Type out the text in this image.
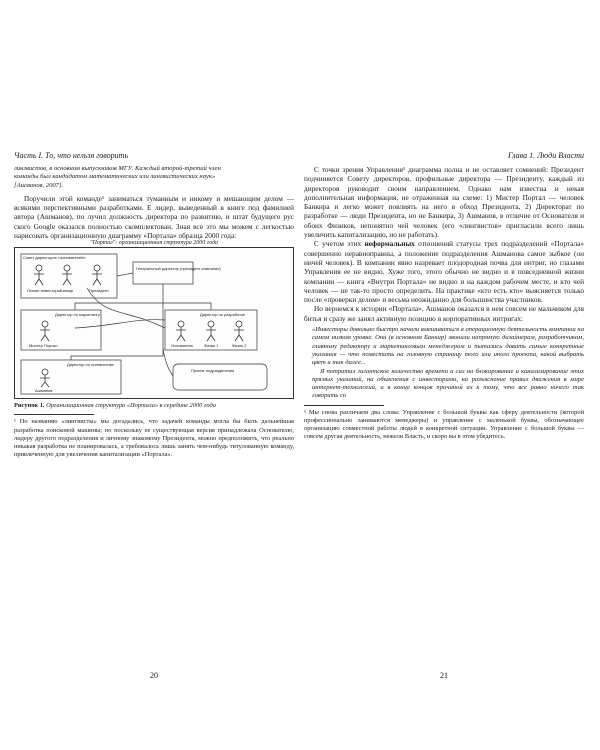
Часть I. То, что нельзя говорить
лингвистов, в основном выпускников МГУ. Каждый второй-третий член
команды был кандидатом математических или лингвистических наук»
[Ашманов, 2007].

Поручили этой команде¹ заниматься туманным и никому и мешающим делом — всякими перспективными разработками. Е лидер, выведенный в книге под фамилией автора (Ашманов), по лучил должность директора по развитию, и штат будущего рус ского Google оказался полностью скомплектован. Зная все это мы можем с легкостью нарисовать организационную диаграмму «Портала» образца 2000 года:

"Портал": организационная структура 2000 года
Совет директоров «основателей»
Легкие инвесторы Банкир	Президент
Генеральный директор (президент компании)
Директор по маркетингу
Мистер Портал
Директор по разработке
Основатель	Физик 1	Физик 2
Директор по лингвистике
Ашманов
Прочие подразделения
Рисунок 1. Организационная структура «Портала» в середине 2000 года
¹ По названию «лингвисты» мы догадались, что задачей команды могла бы быть дальнейшая разработка поисковой машины; но поскольку ее существующая версия принадлежала Основателю, лидеру другого подразделения и личному знакомому Президента, можно предположить, что реально никакая разработка не планировалась, а требовалось лишь занять чем-нибудь титулованную команду, привлеченную для увеличения капитализации «Портала».
20
Глава 1. Люди Власти

С точки зрения Управления¹ диаграмма полна и не оставляет сомнений: Президент подчиняется Совету директоров, профильные директора — Президенту, каждый из директоров руководит своим направлением. Однако нам известна и некая дополнительная информация, не отраженная на схеме: 1) Мистер Портал — человек Банкира и легко может повлиять на него в обход Президента, 2) Директорат по разработке — люди Президента, но не Банкира, 3) Ашманов, в отличие от Основателя и обоих Физиков, непонятно чей человек (его «лингвистов» пригласили всего лишь увеличить капитализацию, но не работать).

С учетом этих неформальных отношений статусы трех подразделений «Портала» совершенно неравноправны, а положение подразделения Ашманова самое зыбкое (он ничей человек). В компании явно назревает плодородная почва для интриг, но глазами Управления ее не видно. Хуже того, этого обычно не видно и в повседневной жизни компании — книга «Внутри Портала» не видно и на каждом рабочем месте, и кто чей человек — не так-то просто определить. На практике «кто есть кто» выясняется только после «проверки делом» и весьма неожиданно для большинства участников.

Но вернемся к истории «Портала». Ашманов оказался в нем совсем не мальчиком для битья и сразу же занял активную позицию в корпоративных интригах:

«Инвесторы довольно быстро начали вмешиваться в операционную деятельность компании на самом низком уровне. Они (в основном Банкир) звонили напрямую дизайнерам, разработчикам, главному редактору и маркетинговым менеджерам и пытались давать самые конкретные указания — что поместить на головную страницу того или иного проекта, какой выбрать цвет и так далее...
Я потратил гигантское количество времени и сил на блокирование и канализирование этих прямых указаний, на объяснения с инвесторами, на разъяснение правил движения в мире интернет-технологий, и в конце концов причиной их к тому, что все равно ничего так говорить со
¹ Мы снова различаем два слова: Управление с большой буквы как сферу деятельности (которой профессионально занимаются менеджеры) и управление с маленькой буквы, обозначающее организацию совместной работы людей в конкретной ситуации. Управление с большой буквы — совсем другая деятельность, нежели Власть, и скоро вы в этом убедитесь.
21
